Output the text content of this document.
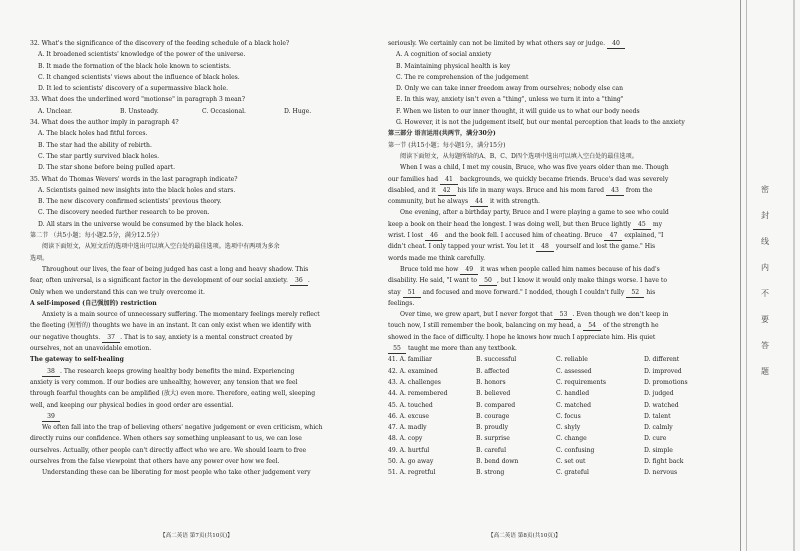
32. What's the significance of the discovery of the feeding schedule of a black hole?
A. It broadened scientists' knowledge of the power of the universe.
B. It made the formation of the black hole known to scientists.
C. It changed scientists' views about the influence of black holes.
D. It led to scientists' discovery of a supermassive black hole.
33. What does the underlined word "motionse" in paragraph 3 mean?
A. Unclear.	B. Unsteady.	C. Occasional.	D. Huge.
34. What does the author imply in paragraph 4?
A. The black holes had fitful forces.
B. The star had the ability of rebirth.
C. The star partly survived black holes.
D. The star shone before being pulled apart.
35. What do Thomas Wevers' words in the last paragraph indicate?
A. Scientists gained new insights into the black holes and stars.
B. The new discovery confirmed scientists' previous theory.
C. The discovery needed further research to be proven.
D. All stars in the universe would be consumed by the black holes.
第二节 （共5小题；每小题2.5分，满分12.5分）
阅读下面短文，从短文后的选项中选出可以填入空白处的最佳选项。选项中有两项为多余
选项。
Throughout our lives, the fear of being judged has cast a long and heavy shadow. This
fear, often universal, is a significant factor in the development of our social anxiety. 36 .
Only when we understand this can we truly overcome it.
A self-imposed (自己强加的) restriction
Anxiety is a main source of unnecessary suffering. The momentary feelings merely reflect
the fleeting (短暂的) thoughts we have in an instant. It can only exist when we identify with
our negative thoughts. 37 . That is to say, anxiety is a mental construct created by
ourselves, not an unavoidable emotion.
The gateway to self-healing
38 . The research keeps growing healthy body benefits the mind. Experiencing
anxiety is very common. If our bodies are unhealthy, however, any tension that we feel
through fearful thoughts can be amplified (放大) even more. Therefore, eating well, sleeping
well, and keeping our physical bodies in good order are essential.
39
We often fall into the trap of believing others' negative judgement or even criticism, which
directly ruins our confidence. When others say something unpleasant to us, we can lose
ourselves. Actually, other people can't directly affect who we are. We should learn to free
ourselves from the false viewpoint that others have any power over how we feel.
Understanding these can be liberating for most people who take other judgement very
seriously. We certainly can not be limited by what others say or judge. 40
A. A cognition of social anxiety
B. Maintaining physical health is key
C. The re comprehension of the judgement
D. Only we can take inner freedom away from ourselves; nobody else can
E. In this way, anxiety isn't even a "thing", unless we turn it into a "thing"
F. When we listen to our inner thought, it will guide us to what our body needs
G. However, it is not the judgement itself, but our mental perception that leads to the anxiety
第三部分 语言运用(共两节，满分30分)
第一节 (共15小题；每小题1分，满分15分)
阅读下面短文，从每题所给的A、B、C、D四个选项中选出可以填入空白处的最佳选项。
When I was a child, I met my cousin, Bruce, who was five years older than me. Though
our families had 41 backgrounds, we quickly became friends. Bruce's dad was severely
disabled, and it 42 his life in many ways. Bruce and his mom fared 43 from the
community, but he always 44 it with strength.
One evening, after a birthday party, Bruce and I were playing a game to see who could
keep a book on their head the longest. I was doing well, but then Bruce lightly 45 my
wrist. I lost 46 and the book fell. I accused him of cheating. Bruce 47 explained, "I
didn't cheat. I only tapped your wrist. You let it 48 yourself and lost the game." His
words made me think carefully.
Bruce told me how 49 it was when people called him names because of his dad's
disability. He said, "I want to 50 , but I know it would only make things worse. I have to
stay 51 and focused and move forward." I nodded, though I couldn't fully 52 his
feelings.
Over time, we grew apart, but I never forgot that 53 . Even though we don't keep in
touch now, I still remember the book, balancing on my head, a 54 of the strength he
showed in the face of difficulty. I hope he knows how much I appreciate him. His quiet
55 taught me more than any textbook.
41. A. familiar	B. successful	C. reliable	D. different
42. A. examined	B. affected	C. assessed	D. improved
43. A. challenges	B. honors	C. requirements	D. promotions
44. A. remembered	B. believed	C. handled	D. judged
45. A. touched	B. compared	C. matched	D. watched
46. A. excuse	B. courage	C. focus	D. talent
47. A. madly	B. proudly	C. shyly	D. calmly
48. A. copy	B. surprise	C. change	D. cure
49. A. hurtful	B. careful	C. confusing	D. simple
50. A. go away	B. bend down	C. set out	D. fight back
51. A. regretful	B. strong	C. grateful	D. nervous
【高二英语 第7页(共10页)】	【高二英语 第8页(共10页)】
密
封
线
内
不
要
答
题
